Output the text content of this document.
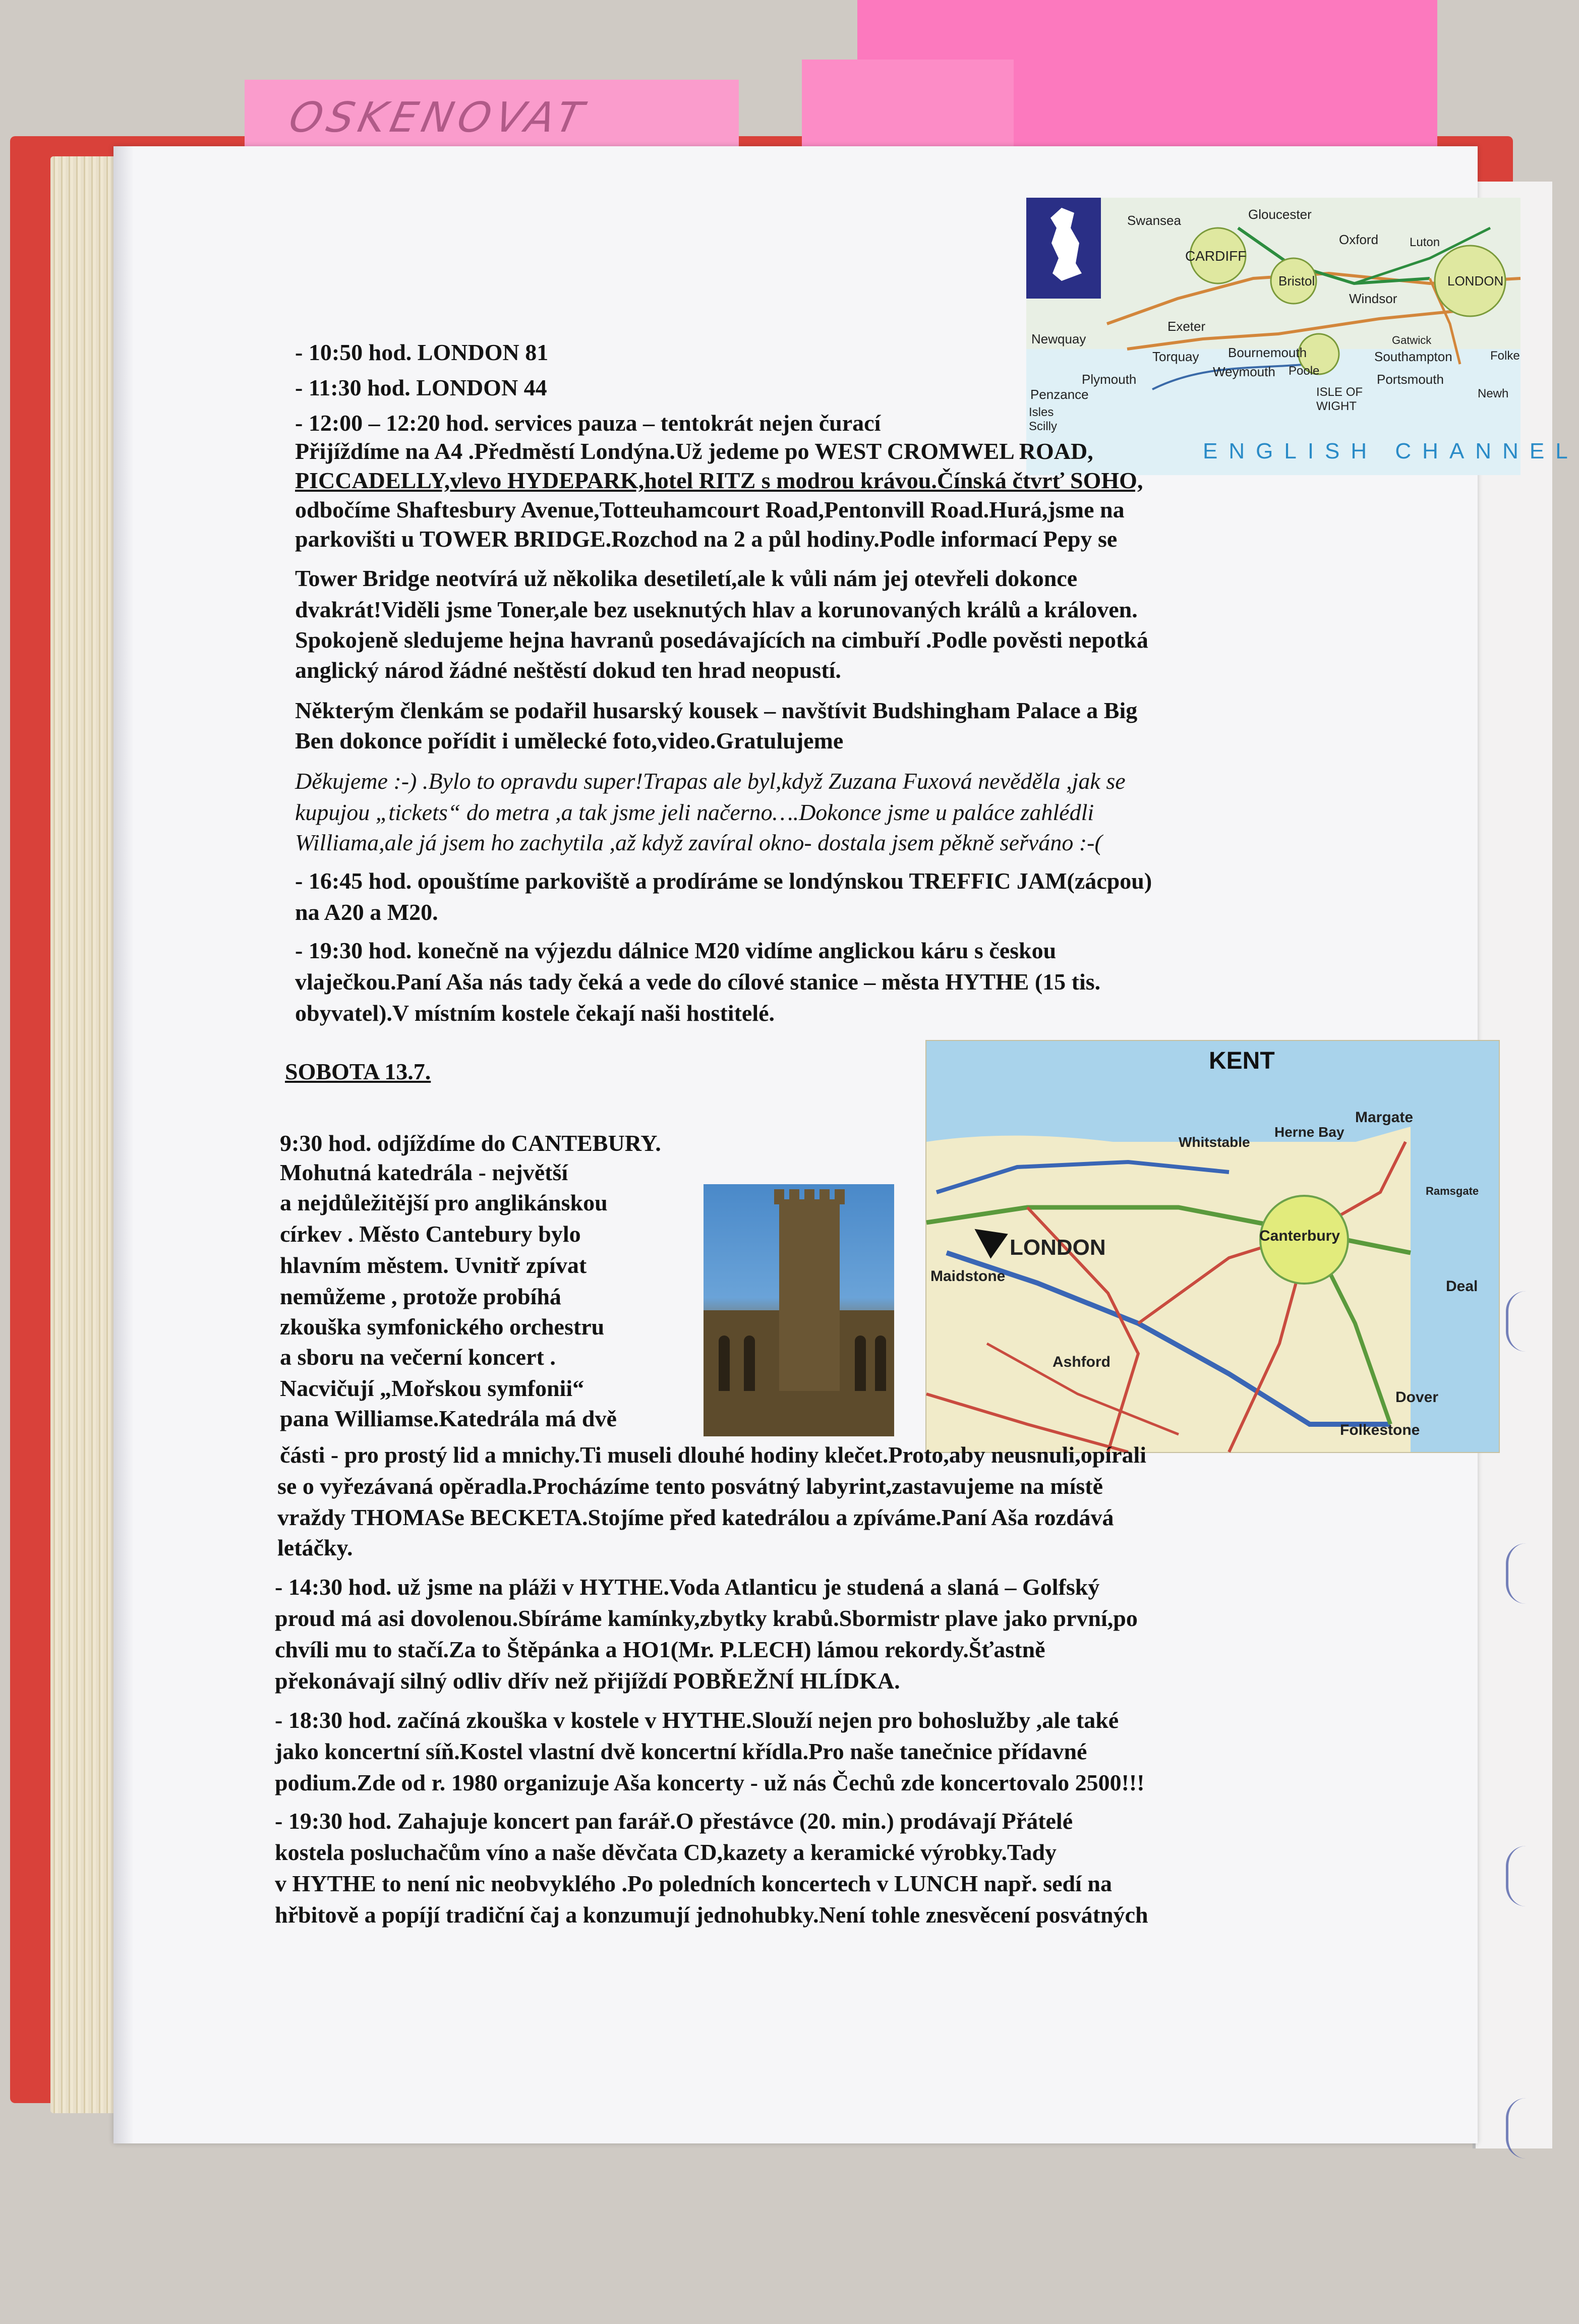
OSKENOVAT
Swansea	Gloucester
Oxford	Luton
CARDIFF
Bristol	LONDON
Windsor
Newquay
Exeter
Torquay Bournemouth
Gatwick
Southampton
Plymouth	Weymouth Poole
Portsmouth
Penzance	ISLE OF WIGHT
Isles Scilly
Folke
Newh
ENGLISH CHANNEL
KENT
Whitstable
Herne Bay
Margate
Ramsgate
LONDON	Canterbury
Maidstone
Deal
Ashford
Dover
Folkestone
- 10:50 hod. LONDON 81
- 11:30 hod. LONDON 44
- 12:00 – 12:20 hod. services pauza – tentokrát nejen čurací
Přijíždíme na A4 .Předměstí Londýna.Už jedeme po WEST CROMWEL ROAD,
PICCADELLY,vlevo HYDEPARK,hotel RITZ s modrou krávou.Čínská čtvrť SOHO,
odbočíme Shaftesbury Avenue,Totteuhamcourt Road,Pentonvill Road.Hurá,jsme na
parkovišti u TOWER BRIDGE.Rozchod na 2 a půl hodiny.Podle informací Pepy se
Tower Bridge neotvírá už několika desetiletí,ale k vůli nám jej otevřeli dokonce
dvakrát!Viděli jsme Toner,ale bez useknutých hlav a korunovaných králů a královen.
Spokojeně sledujeme hejna havranů posedávajících na cimbuří .Podle pověsti nepotká
anglický národ žádné neštěstí dokud ten hrad neopustí.
Některým členkám se podařil husarský kousek – navštívit Budshingham Palace a Big
Ben dokonce pořídit i umělecké foto,video.Gratulujeme
Děkujeme :-) .Bylo to opravdu super!Trapas ale byl,když Zuzana Fuxová nevěděla ,jak se
kupujou „tickets“ do metra ,a tak jsme jeli načerno….Dokonce jsme u paláce zahlédli
Williama,ale já jsem ho zachytila ,až když zavíral okno- dostala jsem pěkně seřváno :-(
- 16:45 hod. opouštíme parkoviště a prodíráme se londýnskou TREFFIC JAM(zácpou)
na A20 a M20.
- 19:30 hod. konečně na výjezdu dálnice M20 vidíme anglickou káru s českou
vlaječkou.Paní Aša nás tady čeká a vede do cílové stanice – města HYTHE (15 tis.
obyvatel).V místním kostele čekají naši hostitelé.
SOBOTA 13.7.
9:30 hod. odjíždíme do CANTEBURY.
Mohutná katedrála - největší
a nejdůležitější pro anglikánskou
církev . Město Cantebury bylo
hlavním městem. Uvnitř zpívat
nemůžeme , protože probíhá
zkouška symfonického orchestru
a sboru na večerní koncert .
Nacvičují „Mořskou symfonii“
pana Williamse.Katedrála má dvě
části - pro prostý lid a mnichy.Ti museli dlouhé hodiny klečet.Proto,aby neusnuli,opírali
se o vyřezávaná opěradla.Procházíme tento posvátný labyrint,zastavujeme na místě
vraždy THOMASe BECKETA.Stojíme před katedrálou a zpíváme.Paní Aša rozdává
letáčky.
- 14:30 hod. už jsme na pláži v HYTHE.Voda Atlanticu je studená a slaná – Golfský
proud má asi dovolenou.Sbíráme kamínky,zbytky krabů.Sbormistr plave jako první,po
chvíli mu to stačí.Za to Štěpánka a HO1(Mr. P.LECH) lámou rekordy.Šťastně
překonávají silný odliv dřív než přijíždí POBŘEŽNÍ HLÍDKA.
- 18:30 hod. začíná zkouška v kostele v HYTHE.Slouží nejen pro bohoslužby ,ale také
jako koncertní síň.Kostel vlastní dvě koncertní křídla.Pro naše tanečnice přídavné
podium.Zde od r. 1980 organizuje Aša koncerty - už nás Čechů zde koncertovalo 2500!!!
- 19:30 hod. Zahajuje koncert pan farář.O přestávce (20. min.) prodávají Přátelé
kostela posluchačům víno a naše děvčata CD,kazety a keramické výrobky.Tady
v HYTHE to není nic neobvyklého .Po poledních koncertech v LUNCH např. sedí na
hřbitově a popíjí tradiční čaj a konzumují jednohubky.Není tohle znesvěcení posvátných
